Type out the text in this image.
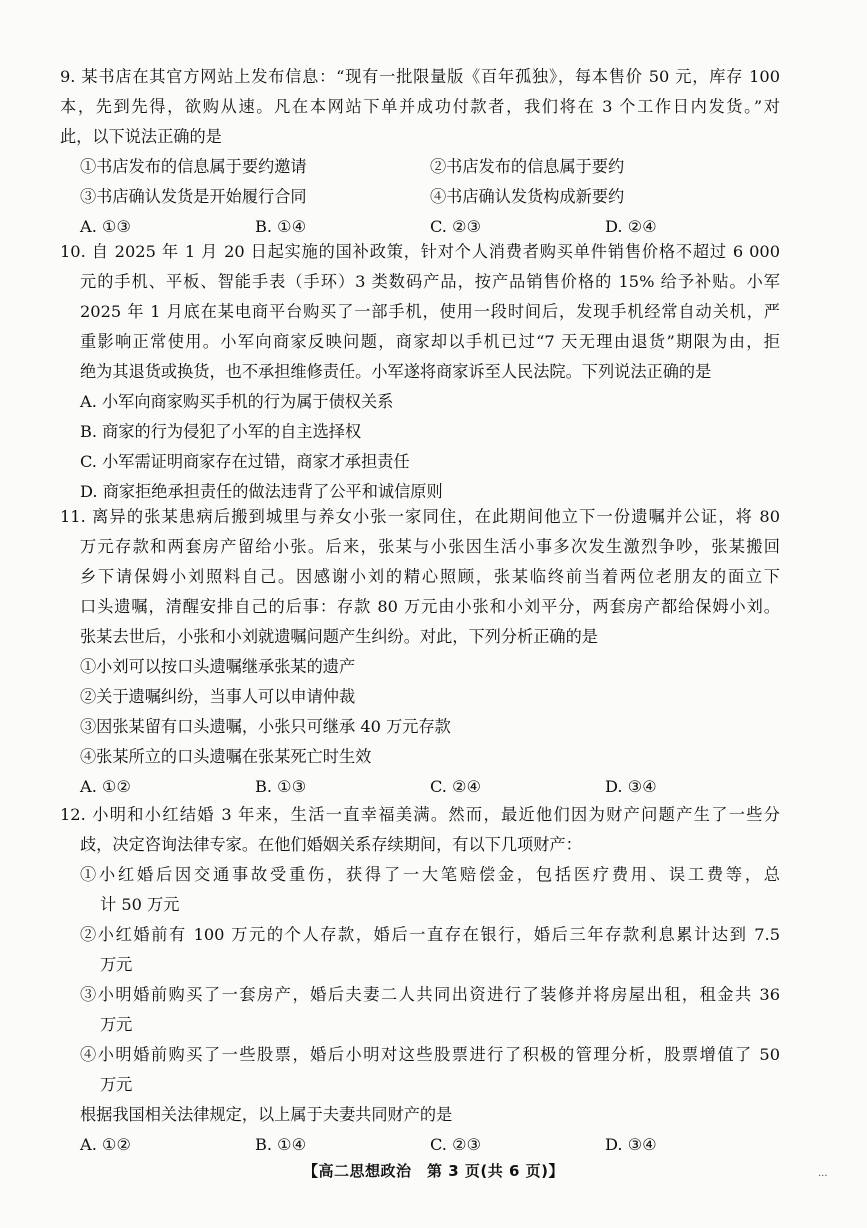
9. 某书店在其官方网站上发布信息：“现有一批限量版《百年孤独》，每本售价 50 元，库存 100
本，先到先得，欲购从速。凡在本网站下单并成功付款者，我们将在 3 个工作日内发货。”对
此，以下说法正确的是
①书店发布的信息属于要约邀请	②书店发布的信息属于要约
③书店确认发货是开始履行合同	④书店确认发货构成新要约
A. ①③	B. ①④	C. ②③	D. ②④
10. 自 2025 年 1 月 20 日起实施的国补政策，针对个人消费者购买单件销售价格不超过 6 000
元的手机、平板、智能手表（手环）3 类数码产品，按产品销售价格的 15% 给予补贴。小军
2025 年 1 月底在某电商平台购买了一部手机，使用一段时间后，发现手机经常自动关机，严
重影响正常使用。小军向商家反映问题，商家却以手机已过“7 天无理由退货”期限为由，拒
绝为其退货或换货，也不承担维修责任。小军遂将商家诉至人民法院。下列说法正确的是
A. 小军向商家购买手机的行为属于债权关系
B. 商家的行为侵犯了小军的自主选择权
C. 小军需证明商家存在过错，商家才承担责任
D. 商家拒绝承担责任的做法违背了公平和诚信原则
11. 离异的张某患病后搬到城里与养女小张一家同住，在此期间他立下一份遗嘱并公证，将 80
万元存款和两套房产留给小张。后来，张某与小张因生活小事多次发生激烈争吵，张某搬回
乡下请保姆小刘照料自己。因感谢小刘的精心照顾，张某临终前当着两位老朋友的面立下
口头遗嘱，清醒安排自己的后事：存款 80 万元由小张和小刘平分，两套房产都给保姆小刘。
张某去世后，小张和小刘就遗嘱问题产生纠纷。对此，下列分析正确的是
①小刘可以按口头遗嘱继承张某的遗产
②关于遗嘱纠纷，当事人可以申请仲裁
③因张某留有口头遗嘱，小张只可继承 40 万元存款
④张某所立的口头遗嘱在张某死亡时生效
A. ①②	B. ①③	C. ②④	D. ③④
12. 小明和小红结婚 3 年来，生活一直幸福美满。然而，最近他们因为财产问题产生了一些分
歧，决定咨询法律专家。在他们婚姻关系存续期间，有以下几项财产：
①小红婚后因交通事故受重伤，获得了一大笔赔偿金，包括医疗费用、误工费等，总
计 50 万元
②小红婚前有 100 万元的个人存款，婚后一直存在银行，婚后三年存款利息累计达到 7.5
万元
③小明婚前购买了一套房产，婚后夫妻二人共同出资进行了装修并将房屋出租，租金共 36
万元
④小明婚前购买了一些股票，婚后小明对这些股票进行了积极的管理分析，股票增值了 50
万元
根据我国相关法律规定，以上属于夫妻共同财产的是
A. ①②	B. ①④	C. ②③	D. ③④
【高二思想政治　第 3 页(共 6 页)】	...
